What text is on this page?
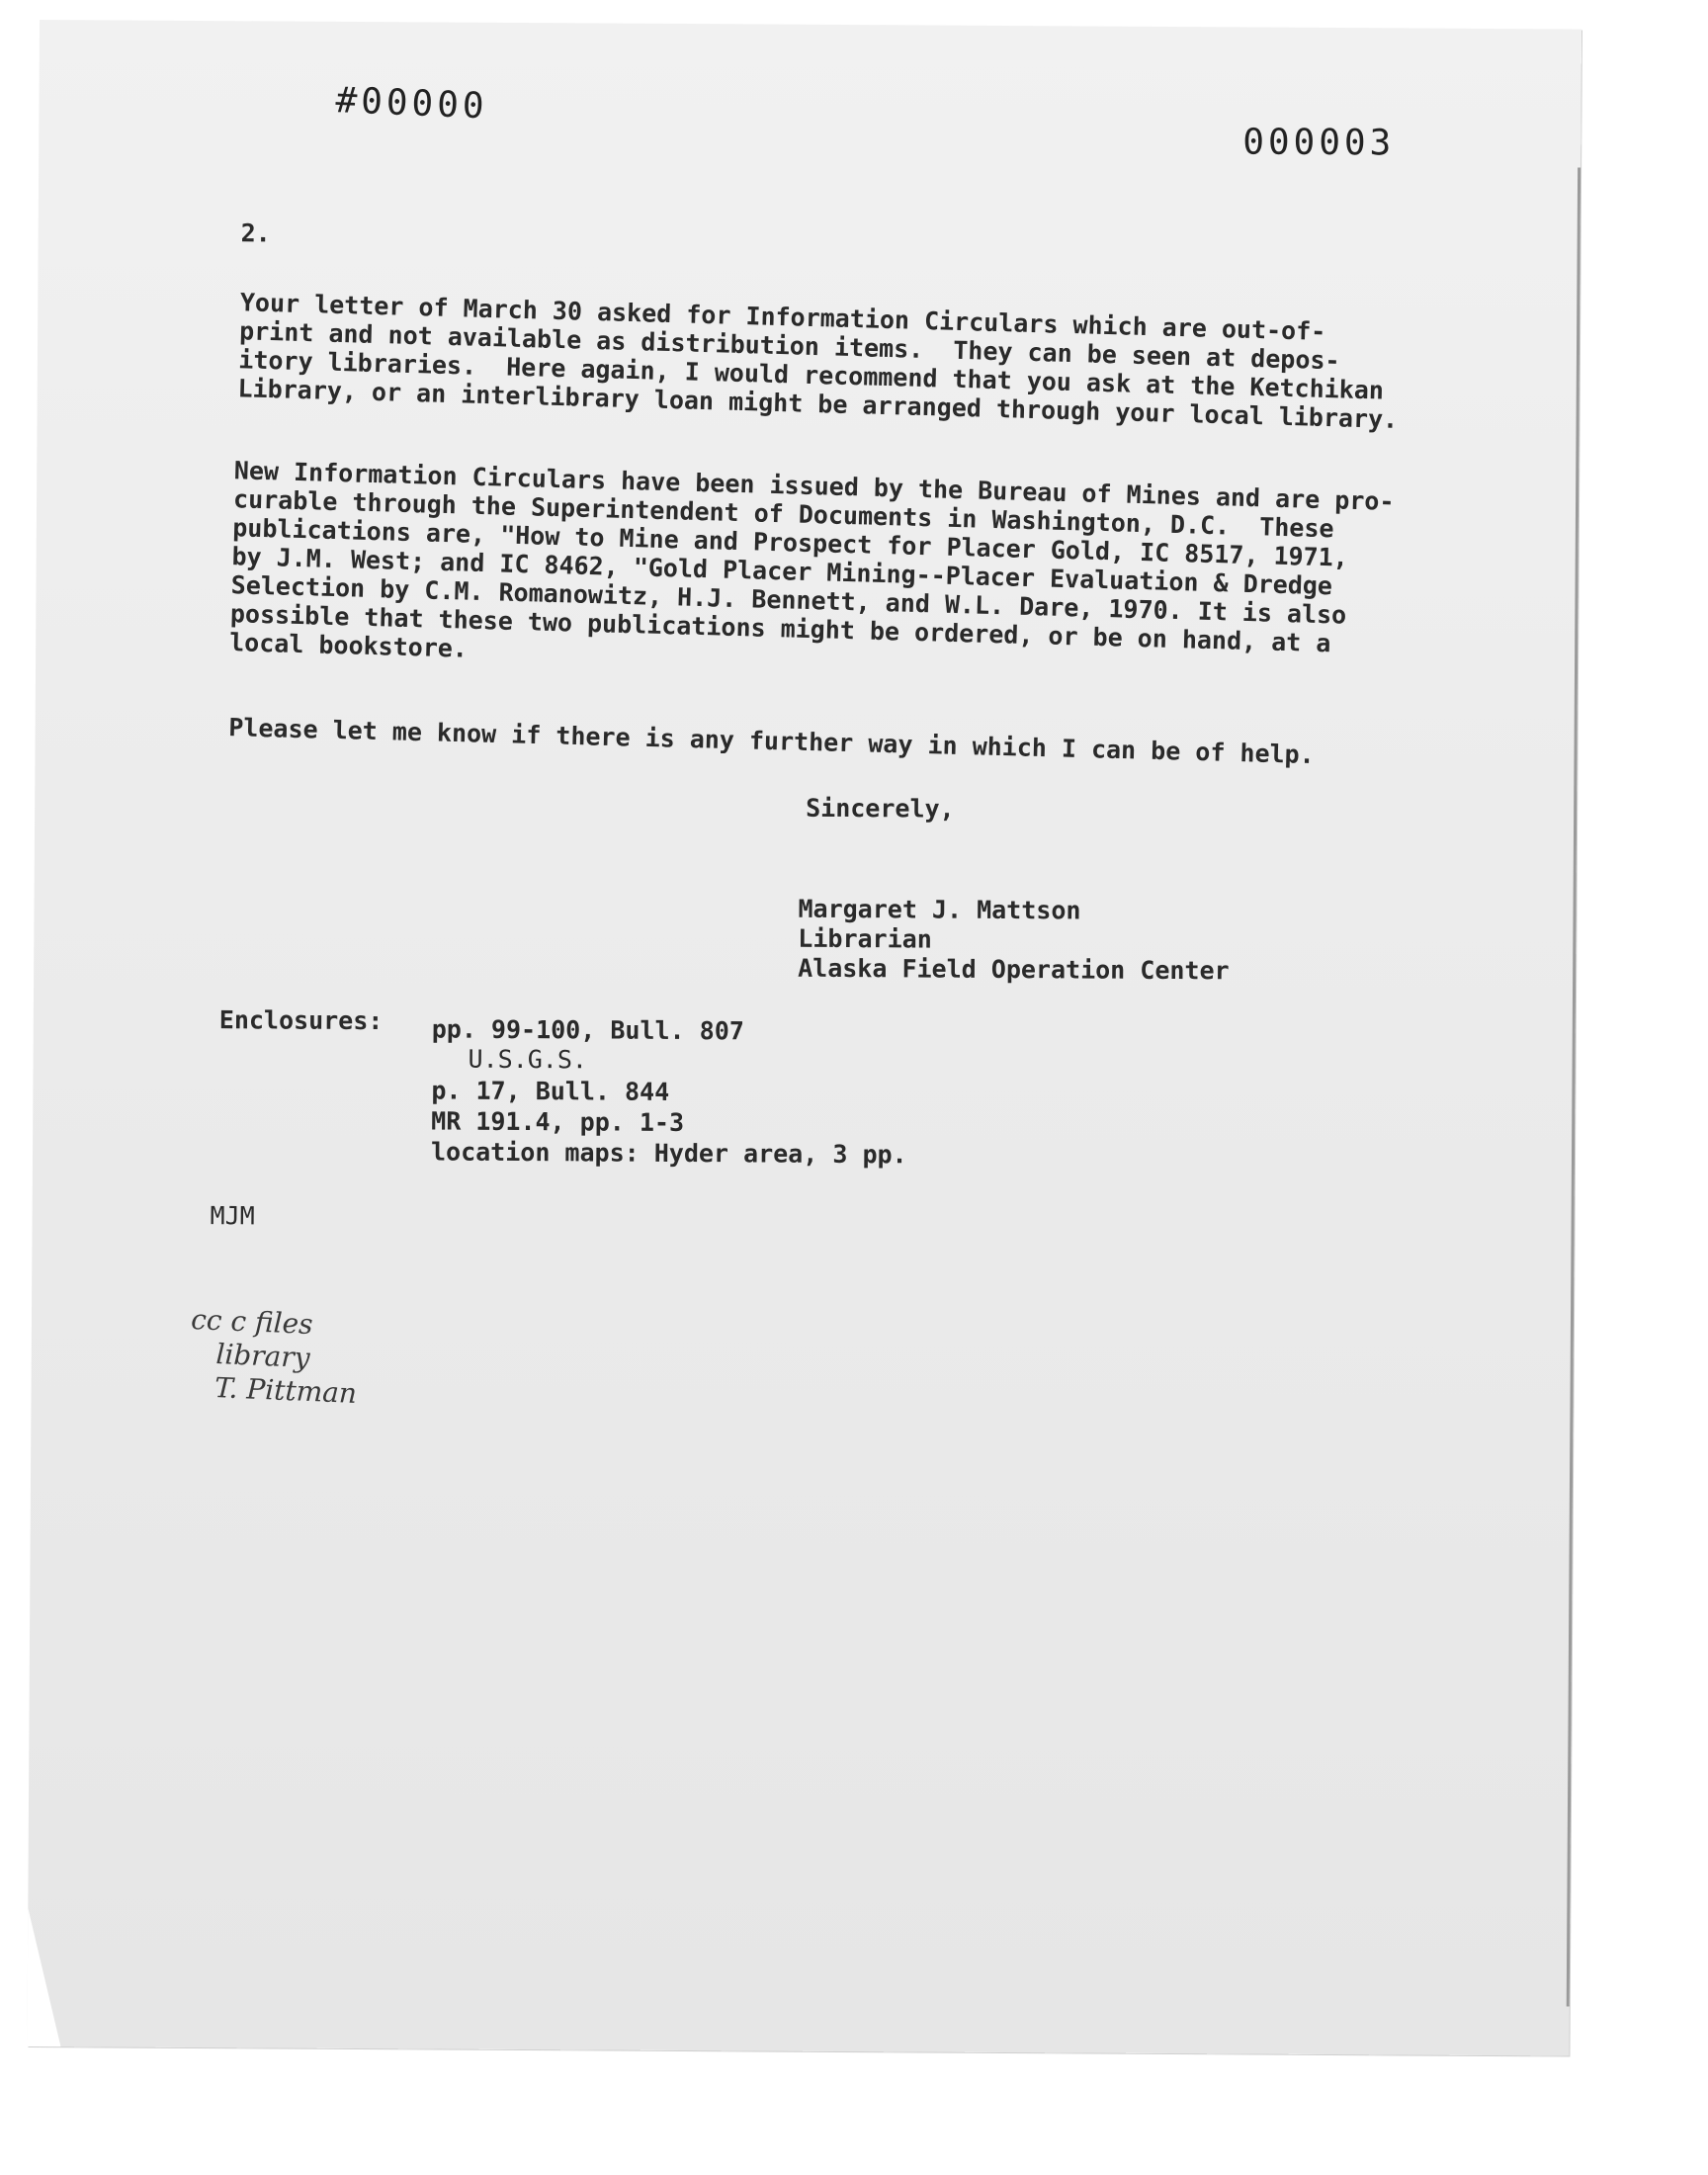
#00000
000003

2.

Your letter of March 30 asked for Information Circulars which are out-of-
print and not available as distribution items.  They can be seen at depos-
itory libraries.  Here again, I would recommend that you ask at the Ketchikan
Library, or an interlibrary loan might be arranged through your local library.

New Information Circulars have been issued by the Bureau of Mines and are pro-
curable through the Superintendent of Documents in Washington, D.C.  These
publications are, "How to Mine and Prospect for Placer Gold, IC 8517, 1971,
by J.M. West; and IC 8462, "Gold Placer Mining--Placer Evaluation & Dredge
Selection by C.M. Romanowitz, H.J. Bennett, and W.L. Dare, 1970. It is also
possible that these two publications might be ordered, or be on hand, at a
local bookstore.

Please let me know if there is any further way in which I can be of help.

Sincerely,

Margaret J. Mattson

Librarian

Alaska Field Operation Center

Enclosures: pp. 99-100, Bull. 807

U.S.G.S.

p. 17, Bull. 844

MR 191.4, pp. 1-3

location maps: Hyder area, 3 pp.

MJM

cc c files
library
T. Pittman
